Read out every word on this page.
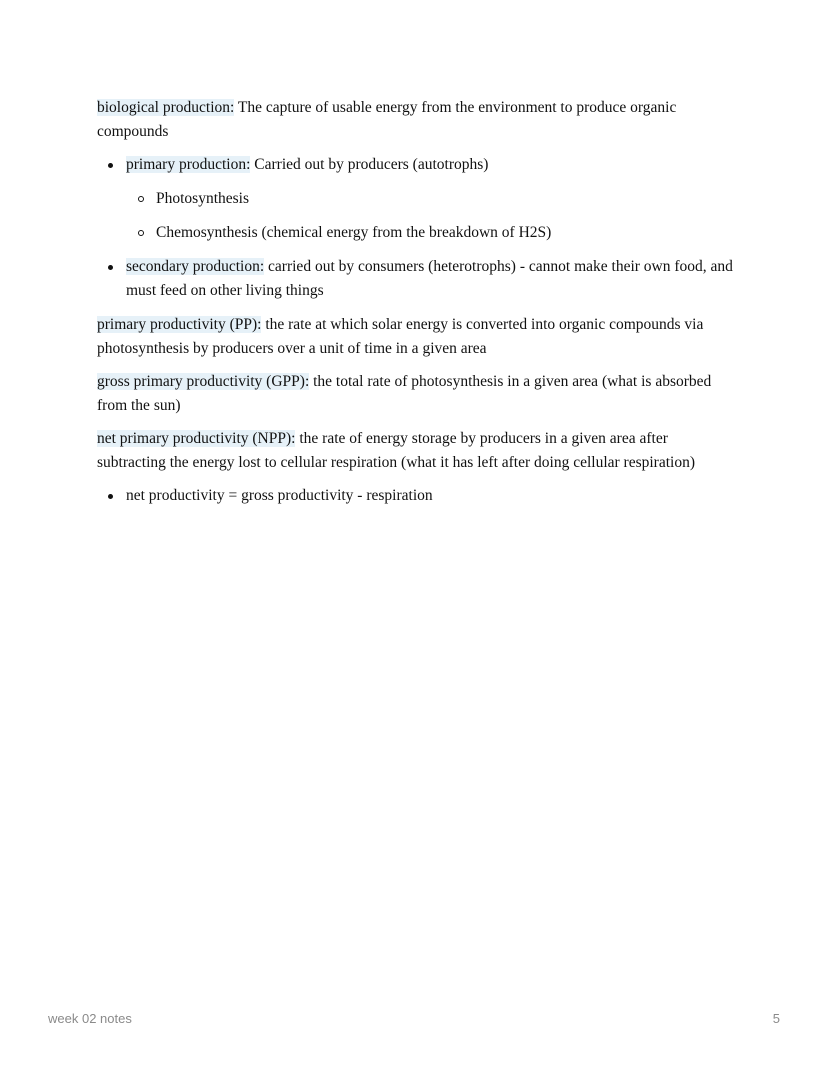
biological production: The capture of usable energy from the environment to produce organic compounds

primary production: Carried out by producers (autotrophs)
Photosynthesis
Chemosynthesis (chemical energy from the breakdown of H2S)
secondary production: carried out by consumers (heterotrophs) - cannot make their own food, and must feed on other living things

primary productivity (PP): the rate at which solar energy is converted into organic compounds via photosynthesis by producers over a unit of time in a given area

gross primary productivity (GPP): the total rate of photosynthesis in a given area (what is absorbed from the sun)

net primary productivity (NPP): the rate of energy storage by producers in a given area after subtracting the energy lost to cellular respiration (what it has left after doing cellular respiration)

net productivity = gross productivity - respiration
week 02 notes	5
